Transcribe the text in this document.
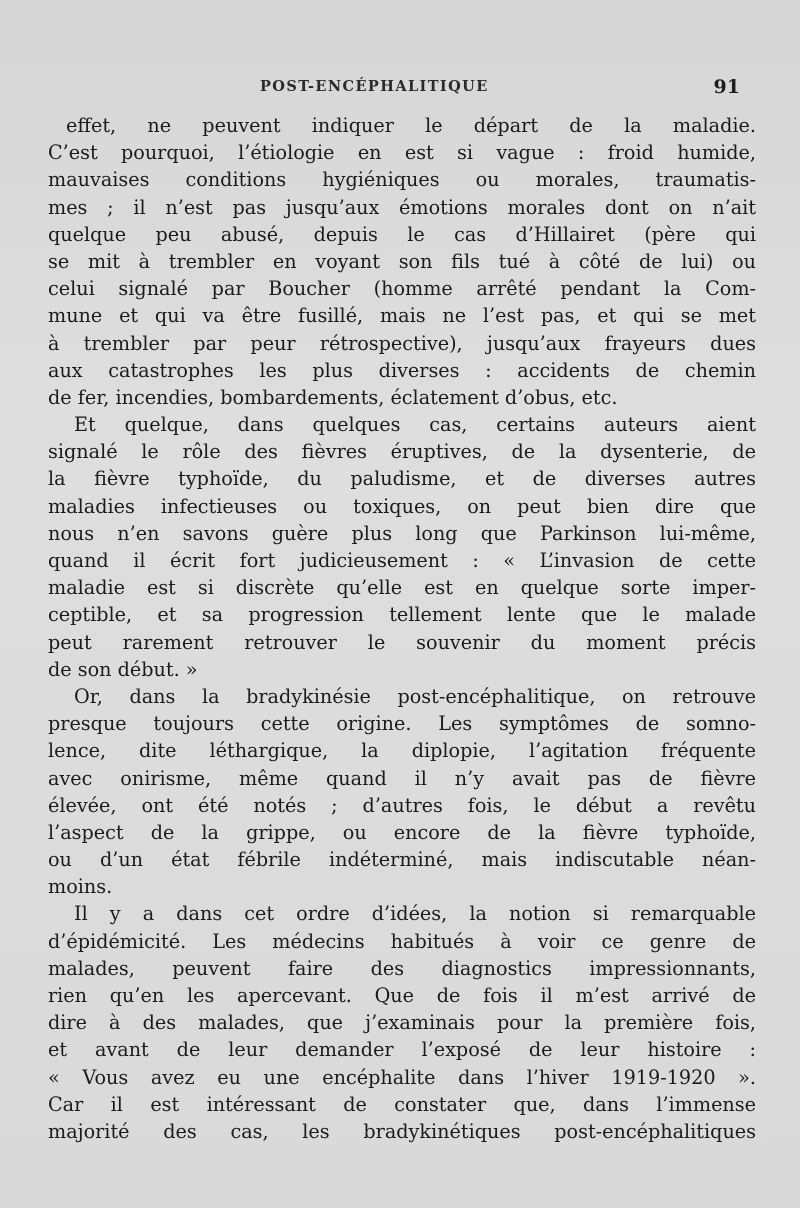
POST-ENCÉPHALITIQUE	91
effet, ne peuvent indiquer le départ de la maladie.
C’est pourquoi, l’étiologie en est si vague : froid humide,
mauvaises conditions hygiéniques ou morales, traumatis-
mes ; il n’est pas jusqu’aux émotions morales dont on n’ait
quelque peu abusé, depuis le cas d’Hillairet (père qui
se mit à trembler en voyant son fils tué à côté de lui) ou
celui signalé par Boucher (homme arrêté pendant la Com-
mune et qui va être fusillé, mais ne l’est pas, et qui se met
à trembler par peur rétrospective), jusqu’aux frayeurs dues
aux catastrophes les plus diverses : accidents de chemin
de fer, incendies, bombardements, éclatement d’obus, etc.
Et quelque, dans quelques cas, certains auteurs aient
signalé le rôle des fièvres éruptives, de la dysenterie, de
la fièvre typhoïde, du paludisme, et de diverses autres
maladies infectieuses ou toxiques, on peut bien dire que
nous n’en savons guère plus long que Parkinson lui-même,
quand il écrit fort judicieusement : « L’invasion de cette
maladie est si discrète qu’elle est en quelque sorte imper-
ceptible, et sa progression tellement lente que le malade
peut rarement retrouver le souvenir du moment précis
de son début. »
Or, dans la bradykinésie post-encéphalitique, on retrouve
presque toujours cette origine. Les symptômes de somno-
lence, dite léthargique, la diplopie, l’agitation fréquente
avec onirisme, même quand il n’y avait pas de fièvre
élevée, ont été notés ; d’autres fois, le début a revêtu
l’aspect de la grippe, ou encore de la fièvre typhoïde,
ou d’un état fébrile indéterminé, mais indiscutable néan-
moins.
Il y a dans cet ordre d’idées, la notion si remarquable
d’épidémicité. Les médecins habitués à voir ce genre de
malades, peuvent faire des diagnostics impressionnants,
rien qu’en les apercevant. Que de fois il m’est arrivé de
dire à des malades, que j’examinais pour la première fois,
et avant de leur demander l’exposé de leur histoire :
« Vous avez eu une encéphalite dans l’hiver 1919-1920 ».
Car il est intéressant de constater que, dans l’immense
majorité des cas, les bradykinétiques post-encéphalitiques
